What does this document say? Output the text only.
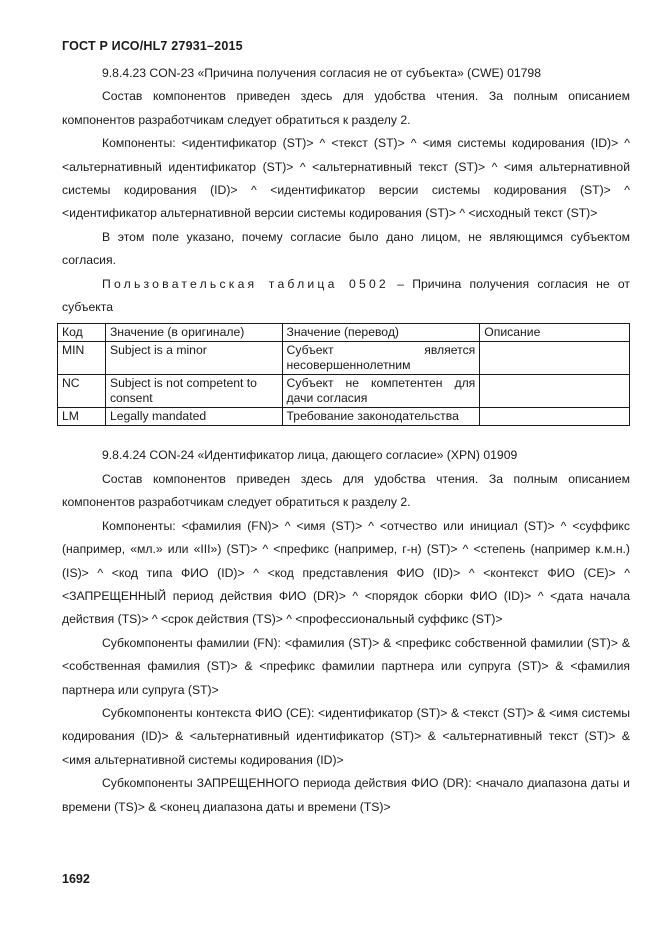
ГОСТ Р ИСО/HL7 27931–2015

9.8.4.23 CON-23 «Причина получения согласия не от субъекта» (CWE) 01798

Состав компонентов приведен здесь для удобства чтения. За полным описанием компонентов разработчикам следует обратиться к разделу 2.

Компоненты: <идентификатор (ST)> ^ <текст (ST)> ^ <имя системы кодирования (ID)> ^ <альтернативный идентификатор (ST)> ^ <альтернативный текст (ST)> ^ <имя альтернативной системы кодирования (ID)> ^ <идентификатор версии системы кодирования (ST)> ^ <идентификатор альтернативной версии системы кодирования (ST)> ^ <исходный текст (ST)>

В этом поле указано, почему согласие было дано лицом, не являющимся субъектом согласия.

Пользовательская таблица 0502 – Причина получения согласия не от субъекта

Код	Значение (в оригинале)	Значение (перевод)	Описание
MIN	Subject is a minor	Субъект является несовершеннолетним	
NC	Subject is not competent to consent	Субъект не компетентен для дачи согласия	
LM	Legally mandated	Требование законодательства	

9.8.4.24 CON-24 «Идентификатор лица, дающего согласие» (XPN) 01909

Состав компонентов приведен здесь для удобства чтения. За полным описанием компонентов разработчикам следует обратиться к разделу 2.

Компоненты: <фамилия (FN)> ^ <имя (ST)> ^ <отчество или инициал (ST)> ^ <суффикс (например, «мл.» или «III») (ST)> ^ <префикс (например, г-н) (ST)> ^ <степень (например к.м.н.) (IS)> ^ <код типа ФИО (ID)> ^ <код представления ФИО (ID)> ^ <контекст ФИО (CE)> ^ <ЗАПРЕЩЕННЫЙ период действия ФИО (DR)> ^ <порядок сборки ФИО (ID)> ^ <дата начала действия (TS)> ^ <срок действия (TS)> ^ <профессиональный суффикс (ST)>

Субкомпоненты фамилии (FN): <фамилия (ST)> & <префикс собственной фамилии (ST)> & <собственная фамилия (ST)> & <префикс фамилии партнера или супруга (ST)> & <фамилия партнера или супруга (ST)>

Субкомпоненты контекста ФИО (CE): <идентификатор (ST)> & <текст (ST)> & <имя системы кодирования (ID)> & <альтернативный идентификатор (ST)> & <альтернативный текст (ST)> & <имя альтернативной системы кодирования (ID)>

Субкомпоненты ЗАПРЕЩЕННОГО периода действия ФИО (DR): <начало диапазона даты и времени (TS)> & <конец диапазона даты и времени (TS)>

1692
